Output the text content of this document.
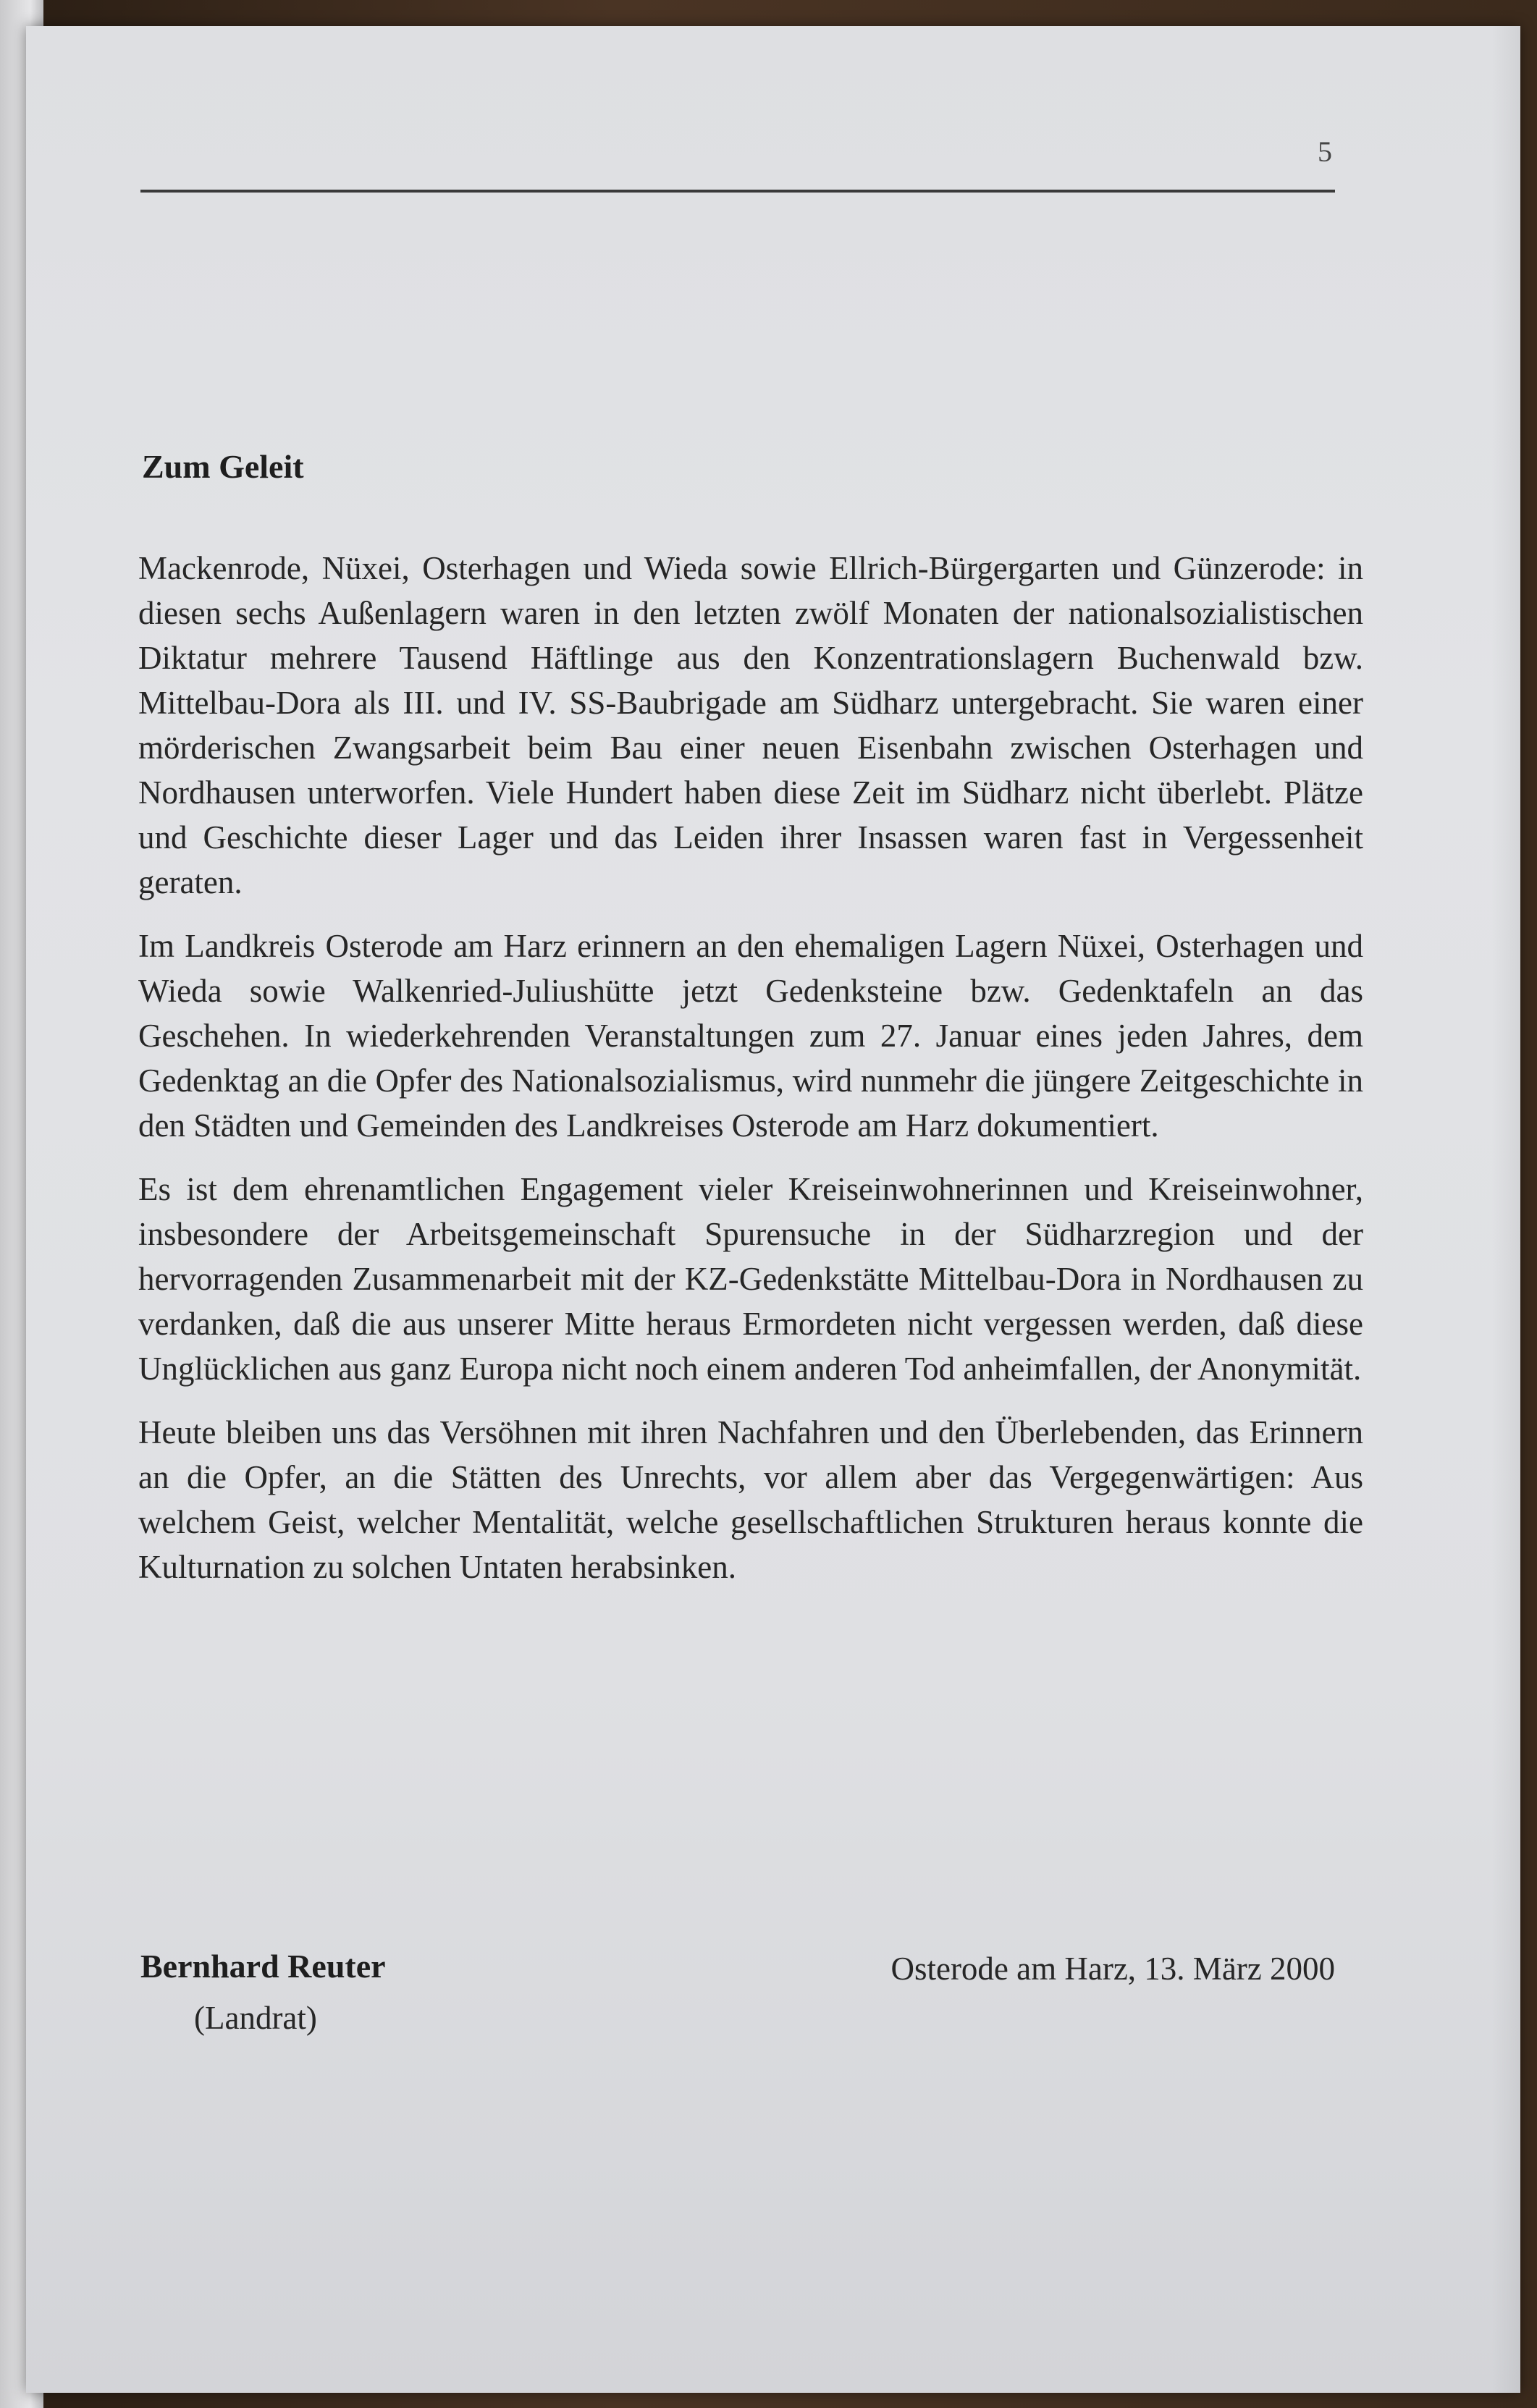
5
Zum Geleit

Mackenrode, Nüxei, Osterhagen und Wieda sowie Ellrich-Bürgergarten und Günzerode: in diesen sechs Außenlagern waren in den letzten zwölf Monaten der nationalsozialistischen Diktatur mehrere Tausend Häftlinge aus den Konzentrationslagern Buchenwald bzw. Mittelbau-Dora als III. und IV. SS-Baubrigade am Südharz untergebracht. Sie waren einer mörderischen Zwangsarbeit beim Bau einer neuen Eisenbahn zwischen Osterhagen und Nordhausen unterworfen. Viele Hundert haben diese Zeit im Südharz nicht überlebt. Plätze und Geschichte dieser Lager und das Leiden ihrer Insassen waren fast in Vergessenheit geraten.

Im Landkreis Osterode am Harz erinnern an den ehemaligen Lagern Nüxei, Osterhagen und Wieda sowie Walkenried-Juliushütte jetzt Gedenksteine bzw. Gedenktafeln an das Geschehen. In wiederkehrenden Veranstaltungen zum 27. Januar eines jeden Jahres, dem Gedenktag an die Opfer des Nationalsozialismus, wird nunmehr die jüngere Zeitgeschichte in den Städten und Gemeinden des Landkreises Osterode am Harz dokumentiert.

Es ist dem ehrenamtlichen Engagement vieler Kreiseinwohnerinnen und Kreiseinwohner, insbesondere der Arbeitsgemeinschaft Spurensuche in der Südharzregion und der hervorragenden Zusammenarbeit mit der KZ-Gedenkstätte Mittelbau-Dora in Nordhausen zu verdanken, daß die aus unserer Mitte heraus Ermordeten nicht vergessen werden, daß diese Unglücklichen aus ganz Europa nicht noch einem anderen Tod anheimfallen, der Anonymität.

Heute bleiben uns das Versöhnen mit ihren Nachfahren und den Überlebenden, das Erinnern an die Opfer, an die Stätten des Unrechts, vor allem aber das Vergegenwärtigen: Aus welchem Geist, welcher Mentalität, welche gesellschaftlichen Strukturen heraus konnte die Kulturnation zu solchen Untaten herabsinken.

Bernhard Reuter
(Landrat)
Osterode am Harz, 13. März 2000
